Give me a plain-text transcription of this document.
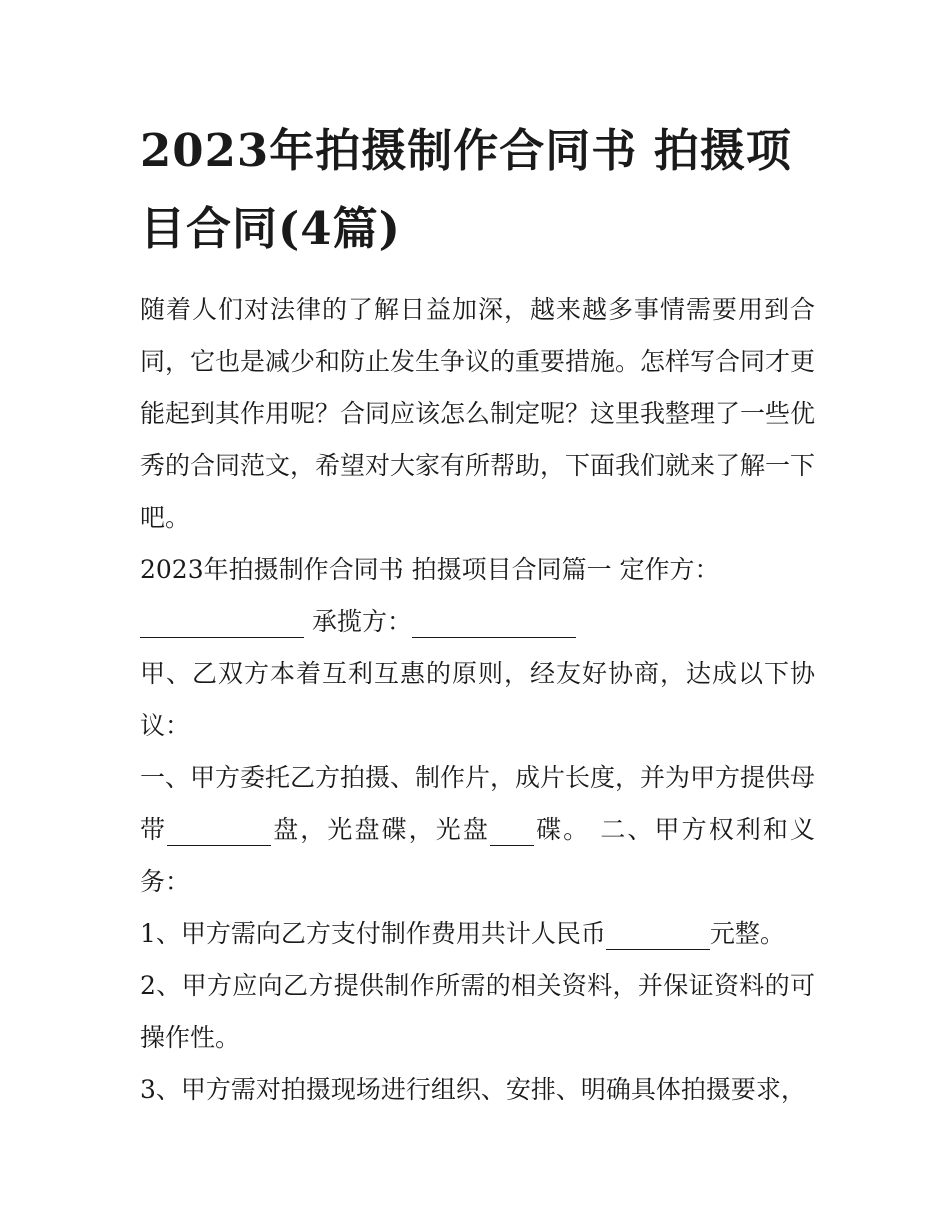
2023年拍摄制作合同书 拍摄项目合同(4篇)

随着人们对法律的了解日益加深，越来越多事情需要用到合同，它也是减少和防止发生争议的重要措施。怎样写合同才更能起到其作用呢？合同应该怎么制定呢？这里我整理了一些优秀的合同范文，希望对大家有所帮助，下面我们就来了解一下吧。

2023年拍摄制作合同书 拍摄项目合同篇一 定作方：

承揽方：

甲、乙双方本着互利互惠的原则，经友好协商，达成以下协议：

一、甲方委托乙方拍摄、制作片，成片长度，并为甲方提供母带	盘，光盘碟，光盘 碟。 二、甲方权利和义务：

1、甲方需向乙方支付制作费用共计人民币	元整。

2、甲方应向乙方提供制作所需的相关资料，并保证资料的可操作性。

3、甲方需对拍摄现场进行组织、安排、明确具体拍摄要求，
